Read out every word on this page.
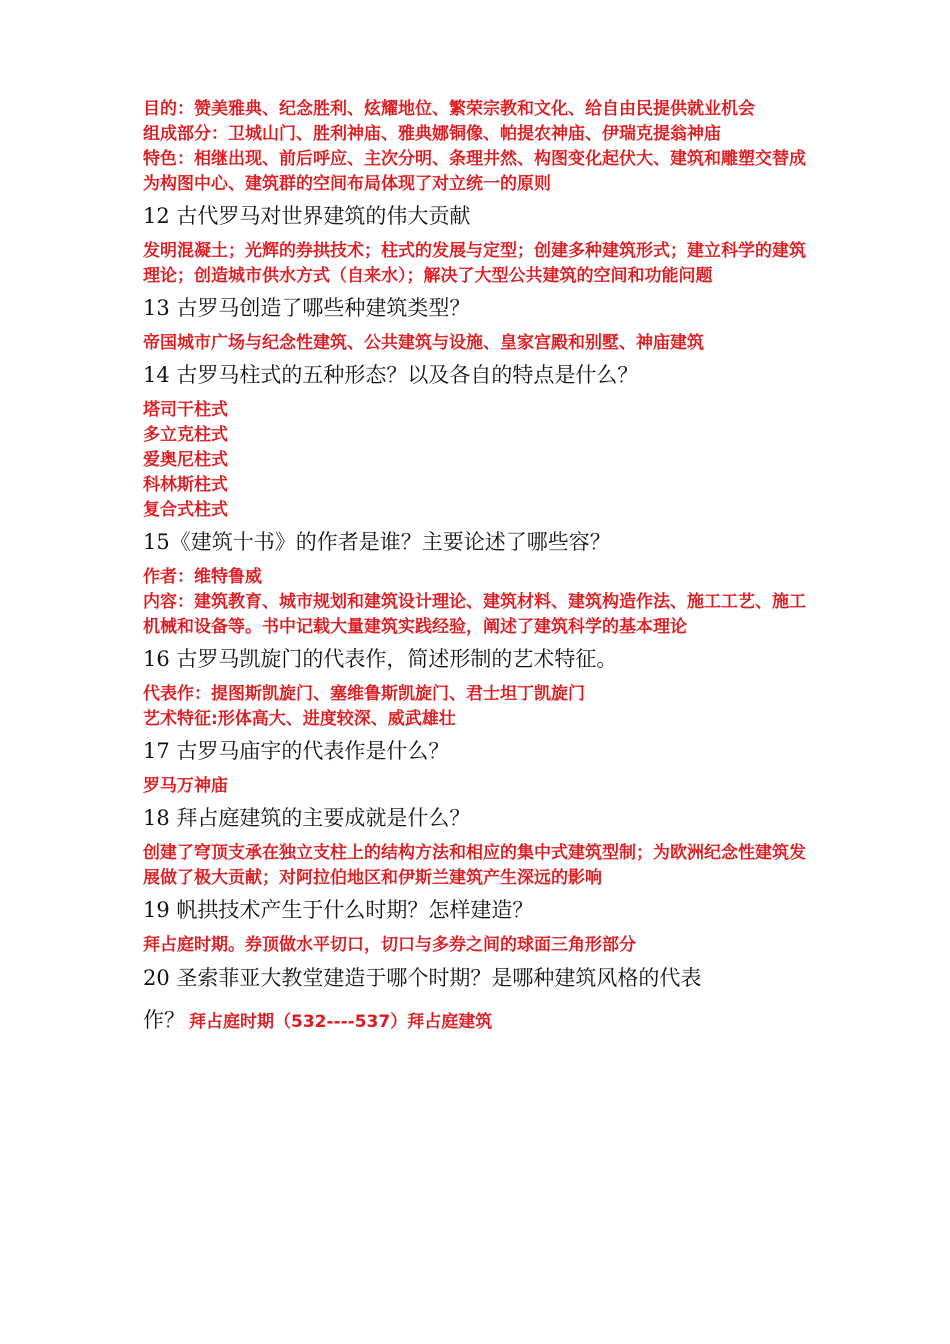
目的：赞美雅典、纪念胜利、炫耀地位、繁荣宗教和文化、给自由民提供就业机会

组成部分：卫城山门、胜利神庙、雅典娜铜像、帕提农神庙、伊瑞克提翁神庙

特色：相继出现、前后呼应、主次分明、条理井然、构图变化起伏大、建筑和雕塑交替成为构图中心、建筑群的空间布局体现了对立统一的原则

12 古代罗马对世界建筑的伟大贡献

发明混凝土；光辉的券拱技术；柱式的发展与定型；创建多种建筑形式；建立科学的建筑理论；创造城市供水方式（自来水）；解决了大型公共建筑的空间和功能问题

13 古罗马创造了哪些种建筑类型？

帝国城市广场与纪念性建筑、公共建筑与设施、皇家宫殿和别墅、神庙建筑

14 古罗马柱式的五种形态？以及各自的特点是什么？

塔司干柱式

多立克柱式

爱奥尼柱式

科林斯柱式

复合式柱式

15《建筑十书》的作者是谁？主要论述了哪些容？

作者：维特鲁威

内容：建筑教育、城市规划和建筑设计理论、建筑材料、建筑构造作法、施工工艺、施工机械和设备等。书中记载大量建筑实践经验，阐述了建筑科学的基本理论

16 古罗马凯旋门的代表作，简述形制的艺术特征。

代表作：提图斯凯旋门、塞维鲁斯凯旋门、君士坦丁凯旋门

艺术特征:形体高大、进度较深、威武雄壮

17 古罗马庙宇的代表作是什么？

罗马万神庙

18 拜占庭建筑的主要成就是什么？

创建了穹顶支承在独立支柱上的结构方法和相应的集中式建筑型制；为欧洲纪念性建筑发展做了极大贡献；对阿拉伯地区和伊斯兰建筑产生深远的影响

19 帆拱技术产生于什么时期？怎样建造？

拜占庭时期。券顶做水平切口，切口与多券之间的球面三角形部分

20 圣索菲亚大教堂建造于哪个时期？是哪种建筑风格的代表

作？ 拜占庭时期（532----537）拜占庭建筑
